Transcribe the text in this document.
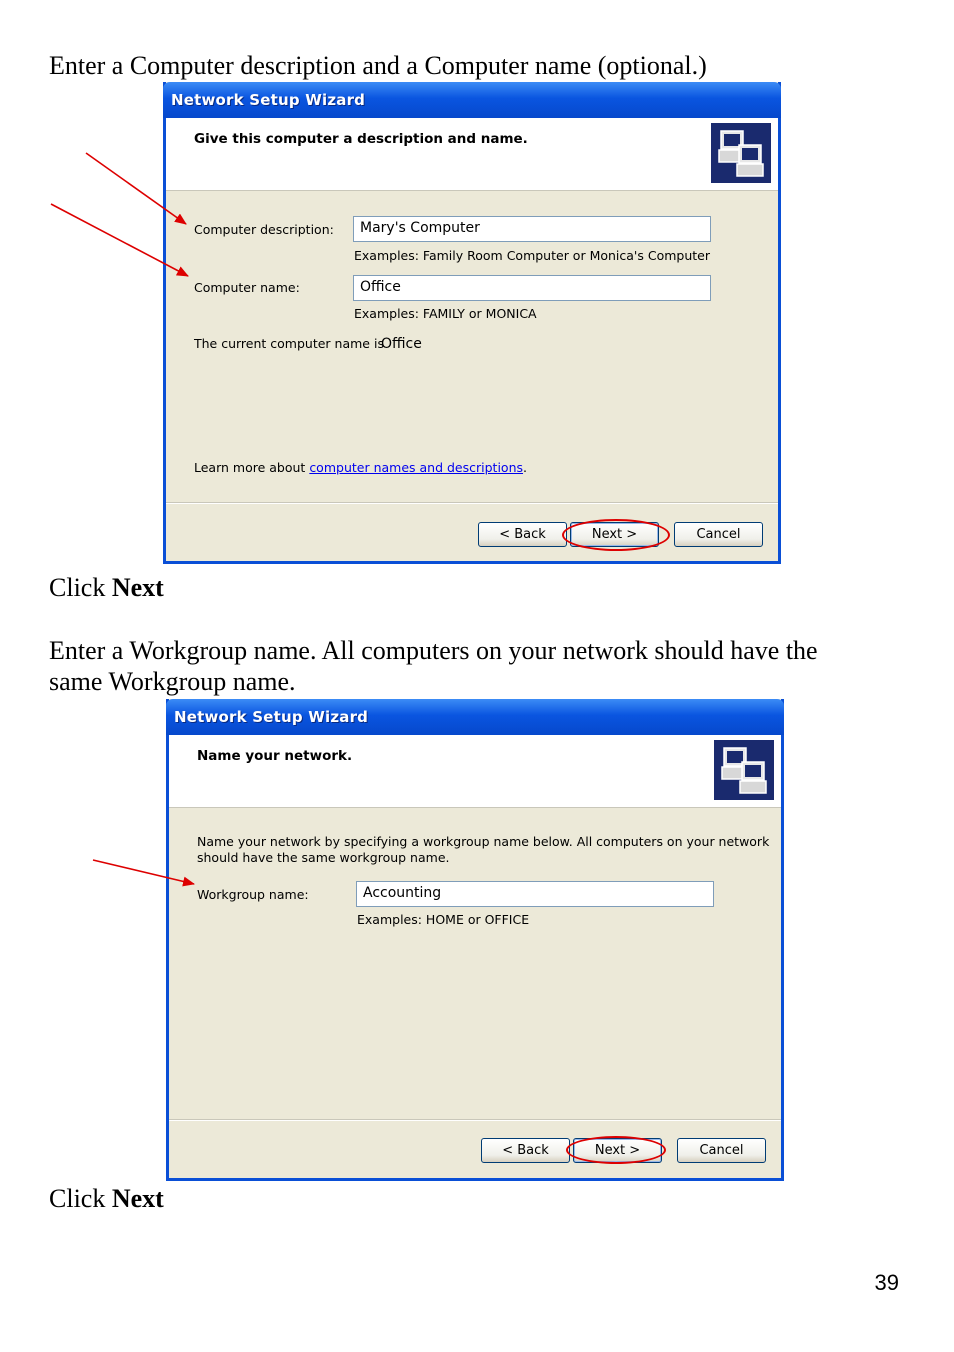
Enter a Computer description and a Computer name (optional.)

Network Setup Wizard
Give this computer a description and name.
Computer description:	Mary's Computer
Examples: Family Room Computer or Monica's Computer
Computer name:	Office
Examples: FAMILY or MONICA
The current computer name is
Office
Learn more about computer names and descriptions.
< Back	Next >	Cancel

Click Next

Enter a Workgroup name. All computers on your network should have the

same Workgroup name.

Network Setup Wizard
Name your network.
Name your network by specifying a workgroup name below. All computers on your network
should have the same workgroup name.
Workgroup name:	Accounting
Examples: HOME or OFFICE
< Back	Next >	Cancel

Click Next

39
